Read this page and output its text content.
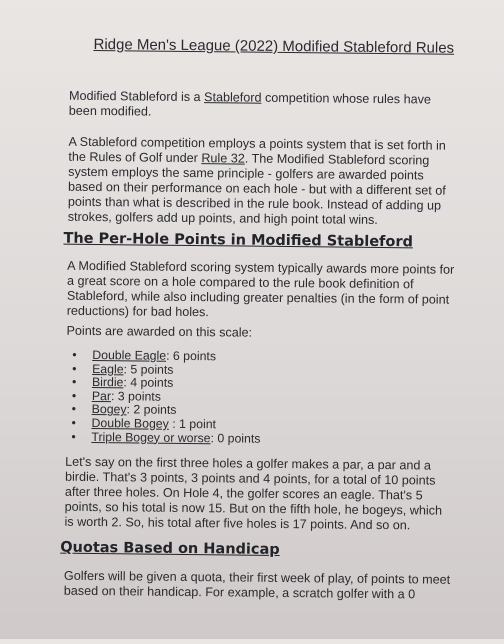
Ridge Men's League (2022) Modified Stableford Rules

Modified Stableford is a Stableford competition whose rules have been modified.

A Stableford competition employs a points system that is set forth in the Rules of Golf under Rule 32. The Modified Stableford scoring system employs the same principle - golfers are awarded points based on their performance on each hole - but with a different set of points than what is described in the rule book. Instead of adding up strokes, golfers add up points, and high point total wins.

The Per-Hole Points in Modified Stableford

A Modified Stableford scoring system typically awards more points for a great score on a hole compared to the rule book definition of Stableford, while also including greater penalties (in the form of point reductions) for bad holes.

Points are awarded on this scale:

• Double Eagle: 6 points
• Eagle: 5 points
• Birdie: 4 points
• Par: 3 points
• Bogey: 2 points
• Double Bogey : 1 point
• Triple Bogey or worse: 0 points

Let's say on the first three holes a golfer makes a par, a par and a birdie. That's 3 points, 3 points and 4 points, for a total of 10 points after three holes. On Hole 4, the golfer scores an eagle. That's 5 points, so his total is now 15. But on the fifth hole, he bogeys, which is worth 2. So, his total after five holes is 17 points. And so on.

Quotas Based on Handicap

Golfers will be given a quota, their first week of play, of points to meet based on their handicap. For example, a scratch golfer with a 0
